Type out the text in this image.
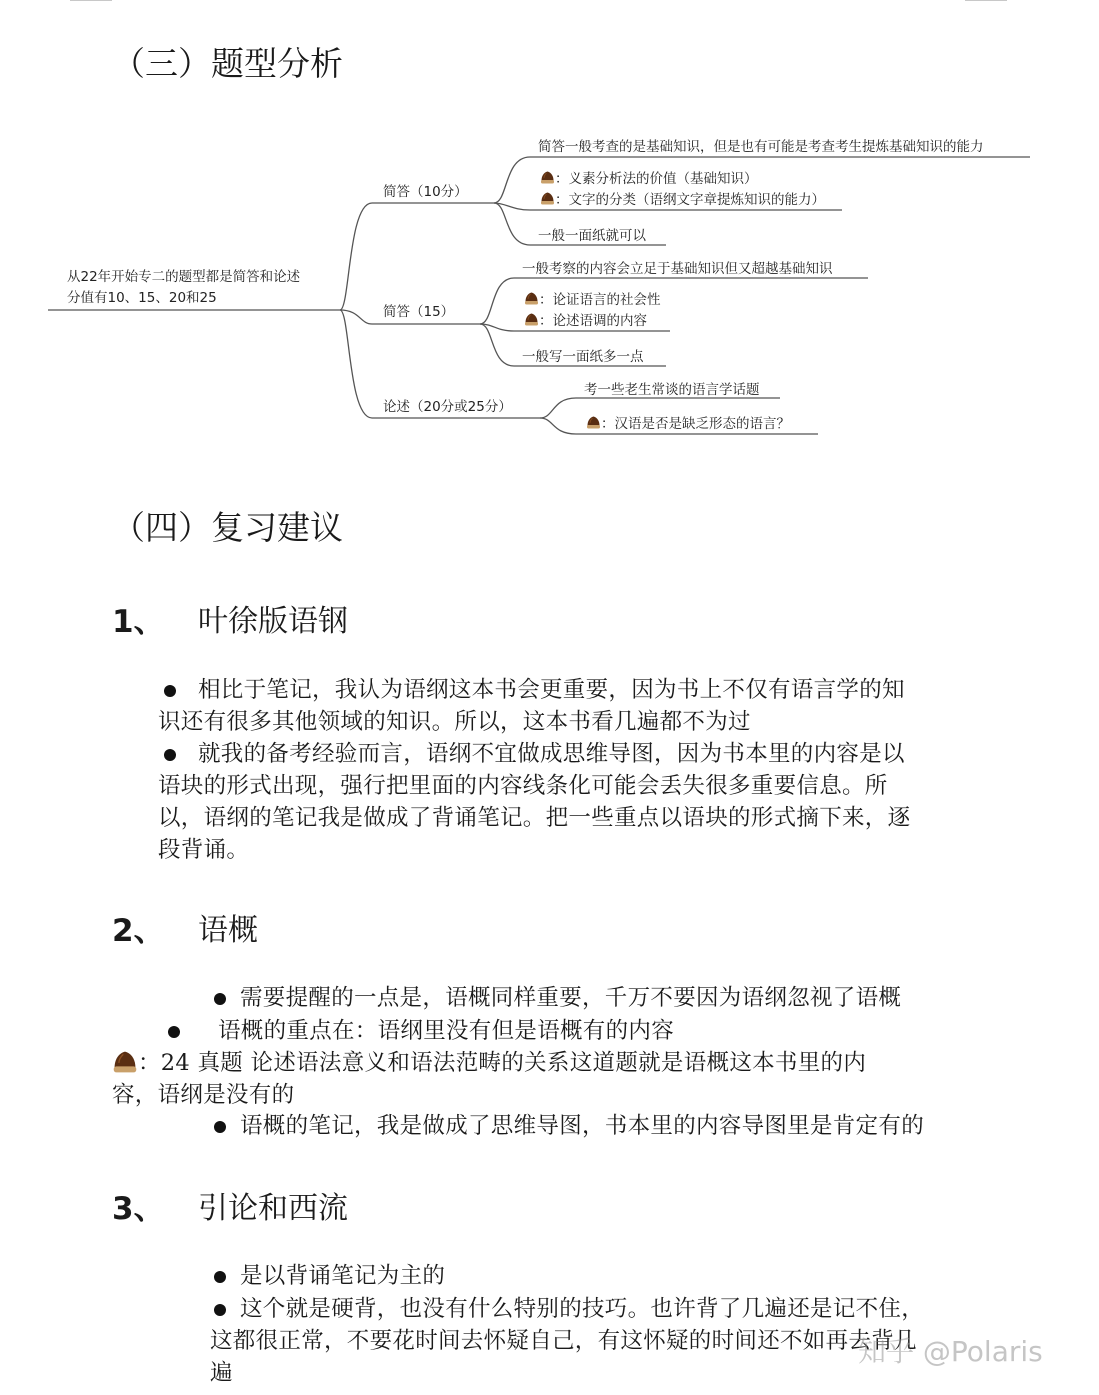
（三）题型分析
从22年开始专二的题型都是简答和论述
分值有10、15、20和25
简答（10分）
简答一般考查的是基础知识，但是也有可能是考查考生提炼基础知识的能力
：义素分析法的价值（基础知识）
：文字的分类（语纲文字章提炼知识的能力）
一般一面纸就可以
简答（15）
一般考察的内容会立足于基础知识但又超越基础知识
：论证语言的社会性
：论述语调的内容
一般写一面纸多一点
论述（20分或25分）
考一些老生常谈的语言学话题
：汉语是否是缺乏形态的语言？
（四）复习建议
1、 叶徐版语钢
相比于笔记，我认为语纲这本书会更重要，因为书上不仅有语言学的知
识还有很多其他领域的知识。所以，这本书看几遍都不为过
就我的备考经验而言，语纲不宜做成思维导图，因为书本里的内容是以
语块的形式出现，强行把里面的内容线条化可能会丢失很多重要信息。所
以，语纲的笔记我是做成了背诵笔记。把一些重点以语块的形式摘下来，逐
段背诵。
2、 语概
需要提醒的一点是，语概同样重要，千万不要因为语纲忽视了语概
语概的重点在：语纲里没有但是语概有的内容
：24 真题 论述语法意义和语法范畴的关系这道题就是语概这本书里的内
容，语纲是没有的
语概的笔记，我是做成了思维导图，书本里的内容导图里是肯定有的
3、 引论和西流
是以背诵笔记为主的
这个就是硬背，也没有什么特别的技巧。也许背了几遍还是记不住，
这都很正常，不要花时间去怀疑自己，有这怀疑的时间还不如再去背几
遍
知乎 @Polaris
